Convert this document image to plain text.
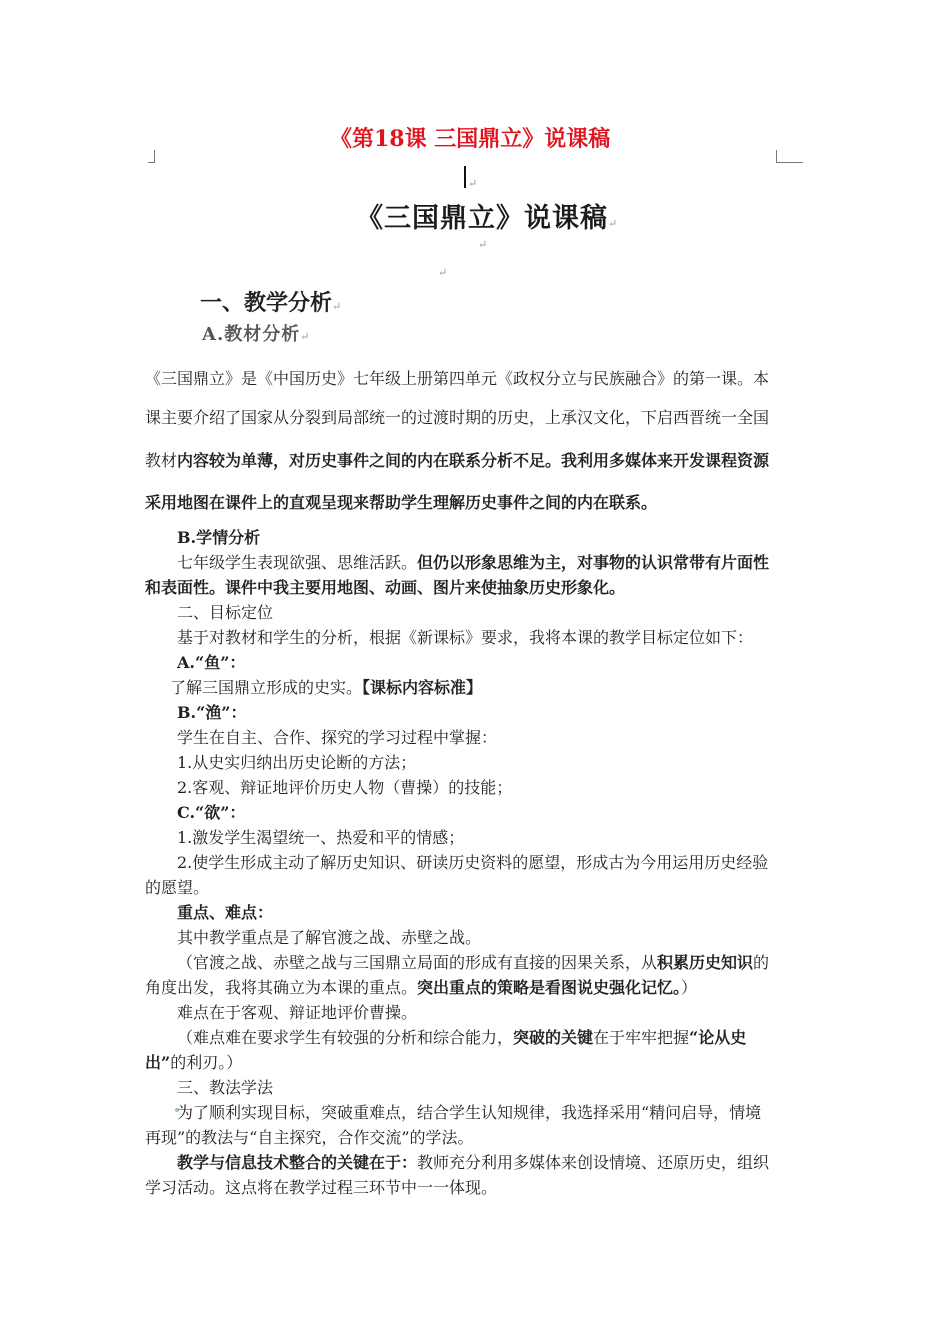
《第18课 三国鼎立》说课稿
↵
《三国鼎立》说课稿↵
↵
↵
一、教学分析↵
A.教材分析↵
《三国鼎立》是《中国历史》七年级上册第四单元《政权分立与民族融合》的第一课。本
课主要介绍了国家从分裂到局部统一的过渡时期的历史，上承汉文化，下启西晋统一全国
教材内容较为单薄，对历史事件之间的内在联系分析不足。我利用多媒体来开发课程资源
采用地图在课件上的直观呈现来帮助学生理解历史事件之间的内在联系。
B.学情分析
七年级学生表现欲强、思维活跃。但仍以形象思维为主，对事物的认识常带有片面性
和表面性。课件中我主要用地图、动画、图片来使抽象历史形象化。
二、目标定位
基于对教材和学生的分析，根据《新课标》要求，我将本课的教学目标定位如下：
A.“鱼”：
了解三国鼎立形成的史实。【课标内容标准】
B.“渔”：
学生在自主、合作、探究的学习过程中掌握：
1.从史实归纳出历史论断的方法；
2.客观、辩证地评价历史人物（曹操）的技能；
C.“欲”：
1.激发学生渴望统一、热爱和平的情感；
2.使学生形成主动了解历史知识、研读历史资料的愿望，形成古为今用运用历史经验
的愿望。
重点、难点：
其中教学重点是了解官渡之战、赤壁之战。
（官渡之战、赤壁之战与三国鼎立局面的形成有直接的因果关系，从积累历史知识的
角度出发，我将其确立为本课的重点。突出重点的策略是看图说史强化记忆。）
难点在于客观、辩证地评价曹操。
（难点难在要求学生有较强的分析和综合能力，突破的关键在于牢牢把握“论从史
出”的利刃。）
三、教法学法
为了顺利实现目标，突破重难点，结合学生认知规律，我选择采用“精问启导，情境
再现”的教法与“自主探究，合作交流”的学法。
教学与信息技术整合的关键在于：教师充分利用多媒体来创设情境、还原历史，组织
学习活动。这点将在教学过程三环节中一一体现。
